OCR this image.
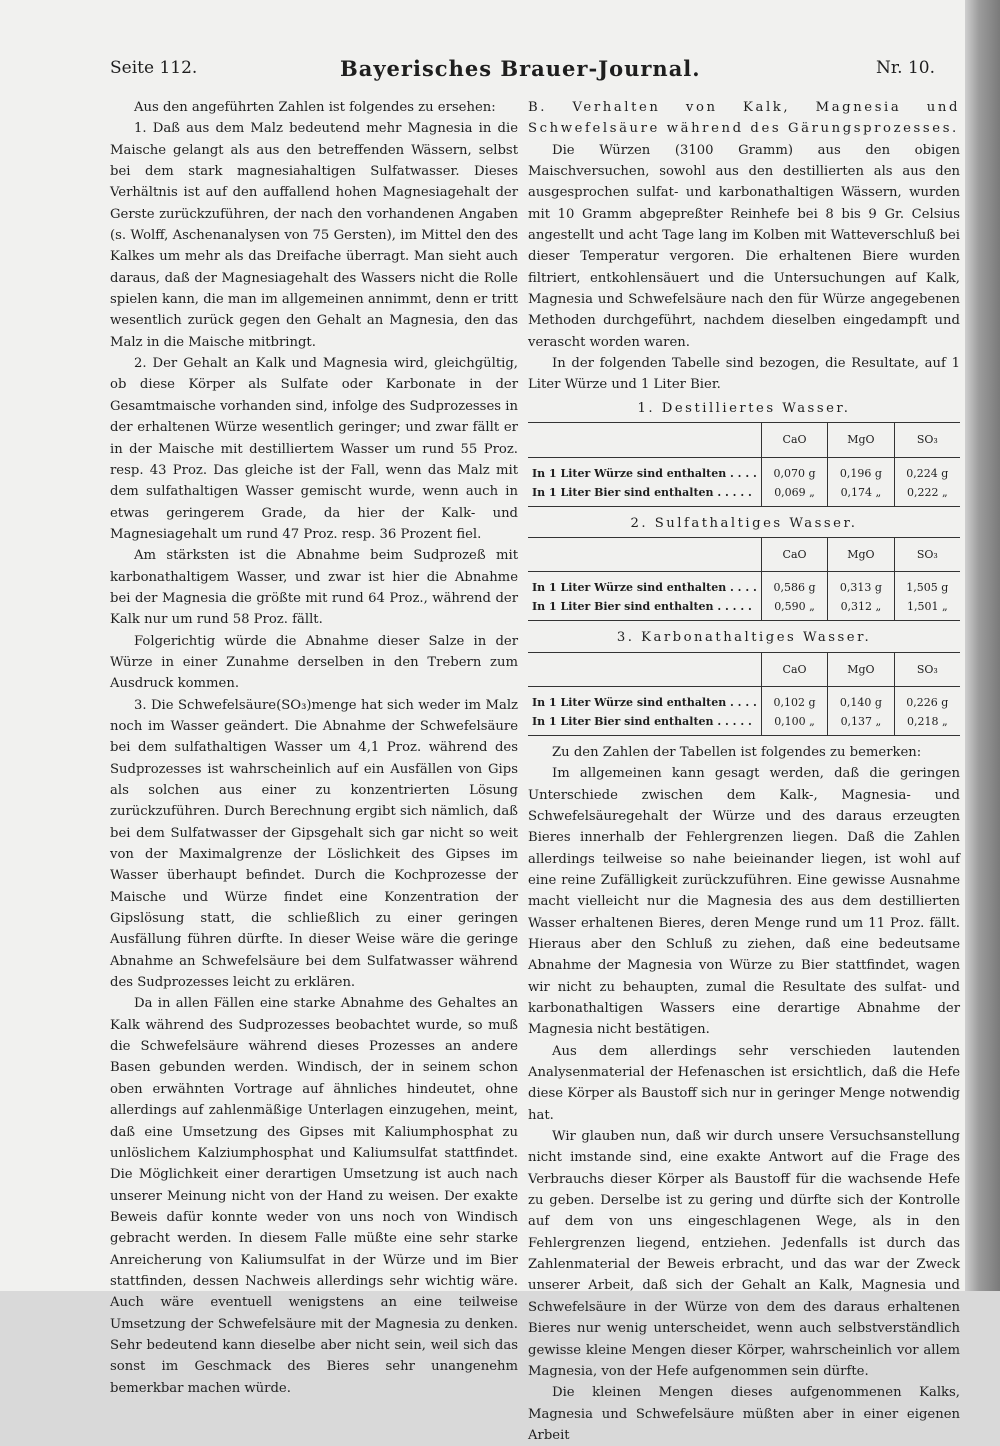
Seite 112.	Bayerisches Brauer-Journal.	Nr. 10.

Aus den angeführten Zahlen ist folgendes zu ersehen:

1. Daß aus dem Malz bedeutend mehr Magnesia in die Maische gelangt als aus den betreffenden Wässern, selbst bei dem stark magnesiahaltigen Sulfatwasser. Dieses Verhältnis ist auf den auffallend hohen Magnesiagehalt der Gerste zurückzuführen, der nach den vorhandenen Angaben (s. Wolff, Aschenanalysen von 75 Gersten), im Mittel den des Kalkes um mehr als das Dreifache überragt. Man sieht auch daraus, daß der Magnesiagehalt des Wassers nicht die Rolle spielen kann, die man im allgemeinen annimmt, denn er tritt wesentlich zurück gegen den Gehalt an Magnesia, den das Malz in die Maische mitbringt.

2. Der Gehalt an Kalk und Magnesia wird, gleichgültig, ob diese Körper als Sulfate oder Karbonate in der Gesamtmaische vorhanden sind, infolge des Sudprozesses in der erhaltenen Würze wesentlich geringer; und zwar fällt er in der Maische mit destilliertem Wasser um rund 55 Proz. resp. 43 Proz. Das gleiche ist der Fall, wenn das Malz mit dem sulfathaltigen Wasser gemischt wurde, wenn auch in etwas geringerem Grade, da hier der Kalk- und Magnesiagehalt um rund 47 Proz. resp. 36 Prozent fiel.

Am stärksten ist die Abnahme beim Sudprozeß mit karbonathaltigem Wasser, und zwar ist hier die Abnahme bei der Magnesia die größte mit rund 64 Proz., während der Kalk nur um rund 58 Proz. fällt.

Folgerichtig würde die Abnahme dieser Salze in der Würze in einer Zunahme derselben in den Trebern zum Ausdruck kommen.

3. Die Schwefelsäure(SO₃)menge hat sich weder im Malz noch im Wasser geändert. Die Abnahme der Schwefelsäure bei dem sulfathaltigen Wasser um 4,1 Proz. während des Sudprozesses ist wahrscheinlich auf ein Ausfällen von Gips als solchen aus einer zu konzentrierten Lösung zurückzuführen. Durch Berechnung ergibt sich nämlich, daß bei dem Sulfatwasser der Gipsgehalt sich gar nicht so weit von der Maximalgrenze der Löslichkeit des Gipses im Wasser überhaupt befindet. Durch die Kochprozesse der Maische und Würze findet eine Konzentration der Gipslösung statt, die schließlich zu einer geringen Ausfällung führen dürfte. In dieser Weise wäre die geringe Abnahme an Schwefelsäure bei dem Sulfatwasser während des Sudprozesses leicht zu erklären.

Da in allen Fällen eine starke Abnahme des Gehaltes an Kalk während des Sudprozesses beobachtet wurde, so muß die Schwefelsäure während dieses Prozesses an andere Basen gebunden werden. Windisch, der in seinem schon oben erwähnten Vortrage auf ähnliches hindeutet, ohne allerdings auf zahlenmäßige Unterlagen einzugehen, meint, daß eine Umsetzung des Gipses mit Kaliumphosphat zu unlöslichem Kalziumphosphat und Kaliumsulfat stattfindet. Die Möglichkeit einer derartigen Umsetzung ist auch nach unserer Meinung nicht von der Hand zu weisen. Der exakte Beweis dafür konnte weder von uns noch von Windisch gebracht werden. In diesem Falle müßte eine sehr starke Anreicherung von Kaliumsulfat in der Würze und im Bier stattfinden, dessen Nachweis allerdings sehr wichtig wäre. Auch wäre eventuell wenigstens an eine teilweise Umsetzung der Schwefelsäure mit der Magnesia zu denken. Sehr bedeutend kann dieselbe aber nicht sein, weil sich das sonst im Geschmack des Bieres sehr unangenehm bemerkbar machen würde.

B. Verhalten von Kalk, Magnesia und Schwefelsäure während des Gärungsprozesses.

Die Würzen (3100 Gramm) aus den obigen Maischversuchen, sowohl aus den destillierten als aus den ausgesprochen sulfat- und karbonathaltigen Wässern, wurden mit 10 Gramm abgepreßter Reinhefe bei 8 bis 9 Gr. Celsius angestellt und acht Tage lang im Kolben mit Watteverschluß bei dieser Temperatur vergoren. Die erhaltenen Biere wurden filtriert, entkohlensäuert und die Untersuchungen auf Kalk, Magnesia und Schwefelsäure nach den für Würze angegebenen Methoden durchgeführt, nachdem dieselben eingedampft und verascht worden waren.

In der folgenden Tabelle sind bezogen, die Resultate, auf 1 Liter Würze und 1 Liter Bier.

1. Destilliertes Wasser.

	CaO	MgO	SO₃
In 1 Liter Würze sind enthalten . . . .	0,070 g	0,196 g	0,224 g
In 1 Liter Bier sind enthalten . . . . .	0,069 „	0,174 „	0,222 „

2. Sulfathaltiges Wasser.

	CaO	MgO	SO₃
In 1 Liter Würze sind enthalten . . . .	0,586 g	0,313 g	1,505 g
In 1 Liter Bier sind enthalten . . . . .	0,590 „	0,312 „	1,501 „

3. Karbonathaltiges Wasser.

	CaO	MgO	SO₃
In 1 Liter Würze sind enthalten . . . .	0,102 g	0,140 g	0,226 g
In 1 Liter Bier sind enthalten . . . . .	0,100 „	0,137 „	0,218 „

Zu den Zahlen der Tabellen ist folgendes zu bemerken:

Im allgemeinen kann gesagt werden, daß die geringen Unterschiede zwischen dem Kalk-, Magnesia- und Schwefelsäuregehalt der Würze und des daraus erzeugten Bieres innerhalb der Fehlergrenzen liegen. Daß die Zahlen allerdings teilweise so nahe beieinander liegen, ist wohl auf eine reine Zufälligkeit zurückzuführen. Eine gewisse Ausnahme macht vielleicht nur die Magnesia des aus dem destillierten Wasser erhaltenen Bieres, deren Menge rund um 11 Proz. fällt. Hieraus aber den Schluß zu ziehen, daß eine bedeutsame Abnahme der Magnesia von Würze zu Bier stattfindet, wagen wir nicht zu behaupten, zumal die Resultate des sulfat- und karbonathaltigen Wassers eine derartige Abnahme der Magnesia nicht bestätigen.

Aus dem allerdings sehr verschieden lautenden Analysenmaterial der Hefenaschen ist ersichtlich, daß die Hefe diese Körper als Baustoff sich nur in geringer Menge notwendig hat.

Wir glauben nun, daß wir durch unsere Versuchsanstellung nicht imstande sind, eine exakte Antwort auf die Frage des Verbrauchs dieser Körper als Baustoff für die wachsende Hefe zu geben. Derselbe ist zu gering und dürfte sich der Kontrolle auf dem von uns eingeschlagenen Wege, als in den Fehlergrenzen liegend, entziehen. Jedenfalls ist durch das Zahlenmaterial der Beweis erbracht, und das war der Zweck unserer Arbeit, daß sich der Gehalt an Kalk, Magnesia und Schwefelsäure in der Würze von dem des daraus erhaltenen Bieres nur wenig unterscheidet, wenn auch selbstverständlich gewisse kleine Mengen dieser Körper, wahrscheinlich vor allem Magnesia, von der Hefe aufgenommen sein dürfte.

Die kleinen Mengen dieses aufgenommenen Kalks, Magnesia und Schwefelsäure müßten aber in einer eigenen Arbeit
